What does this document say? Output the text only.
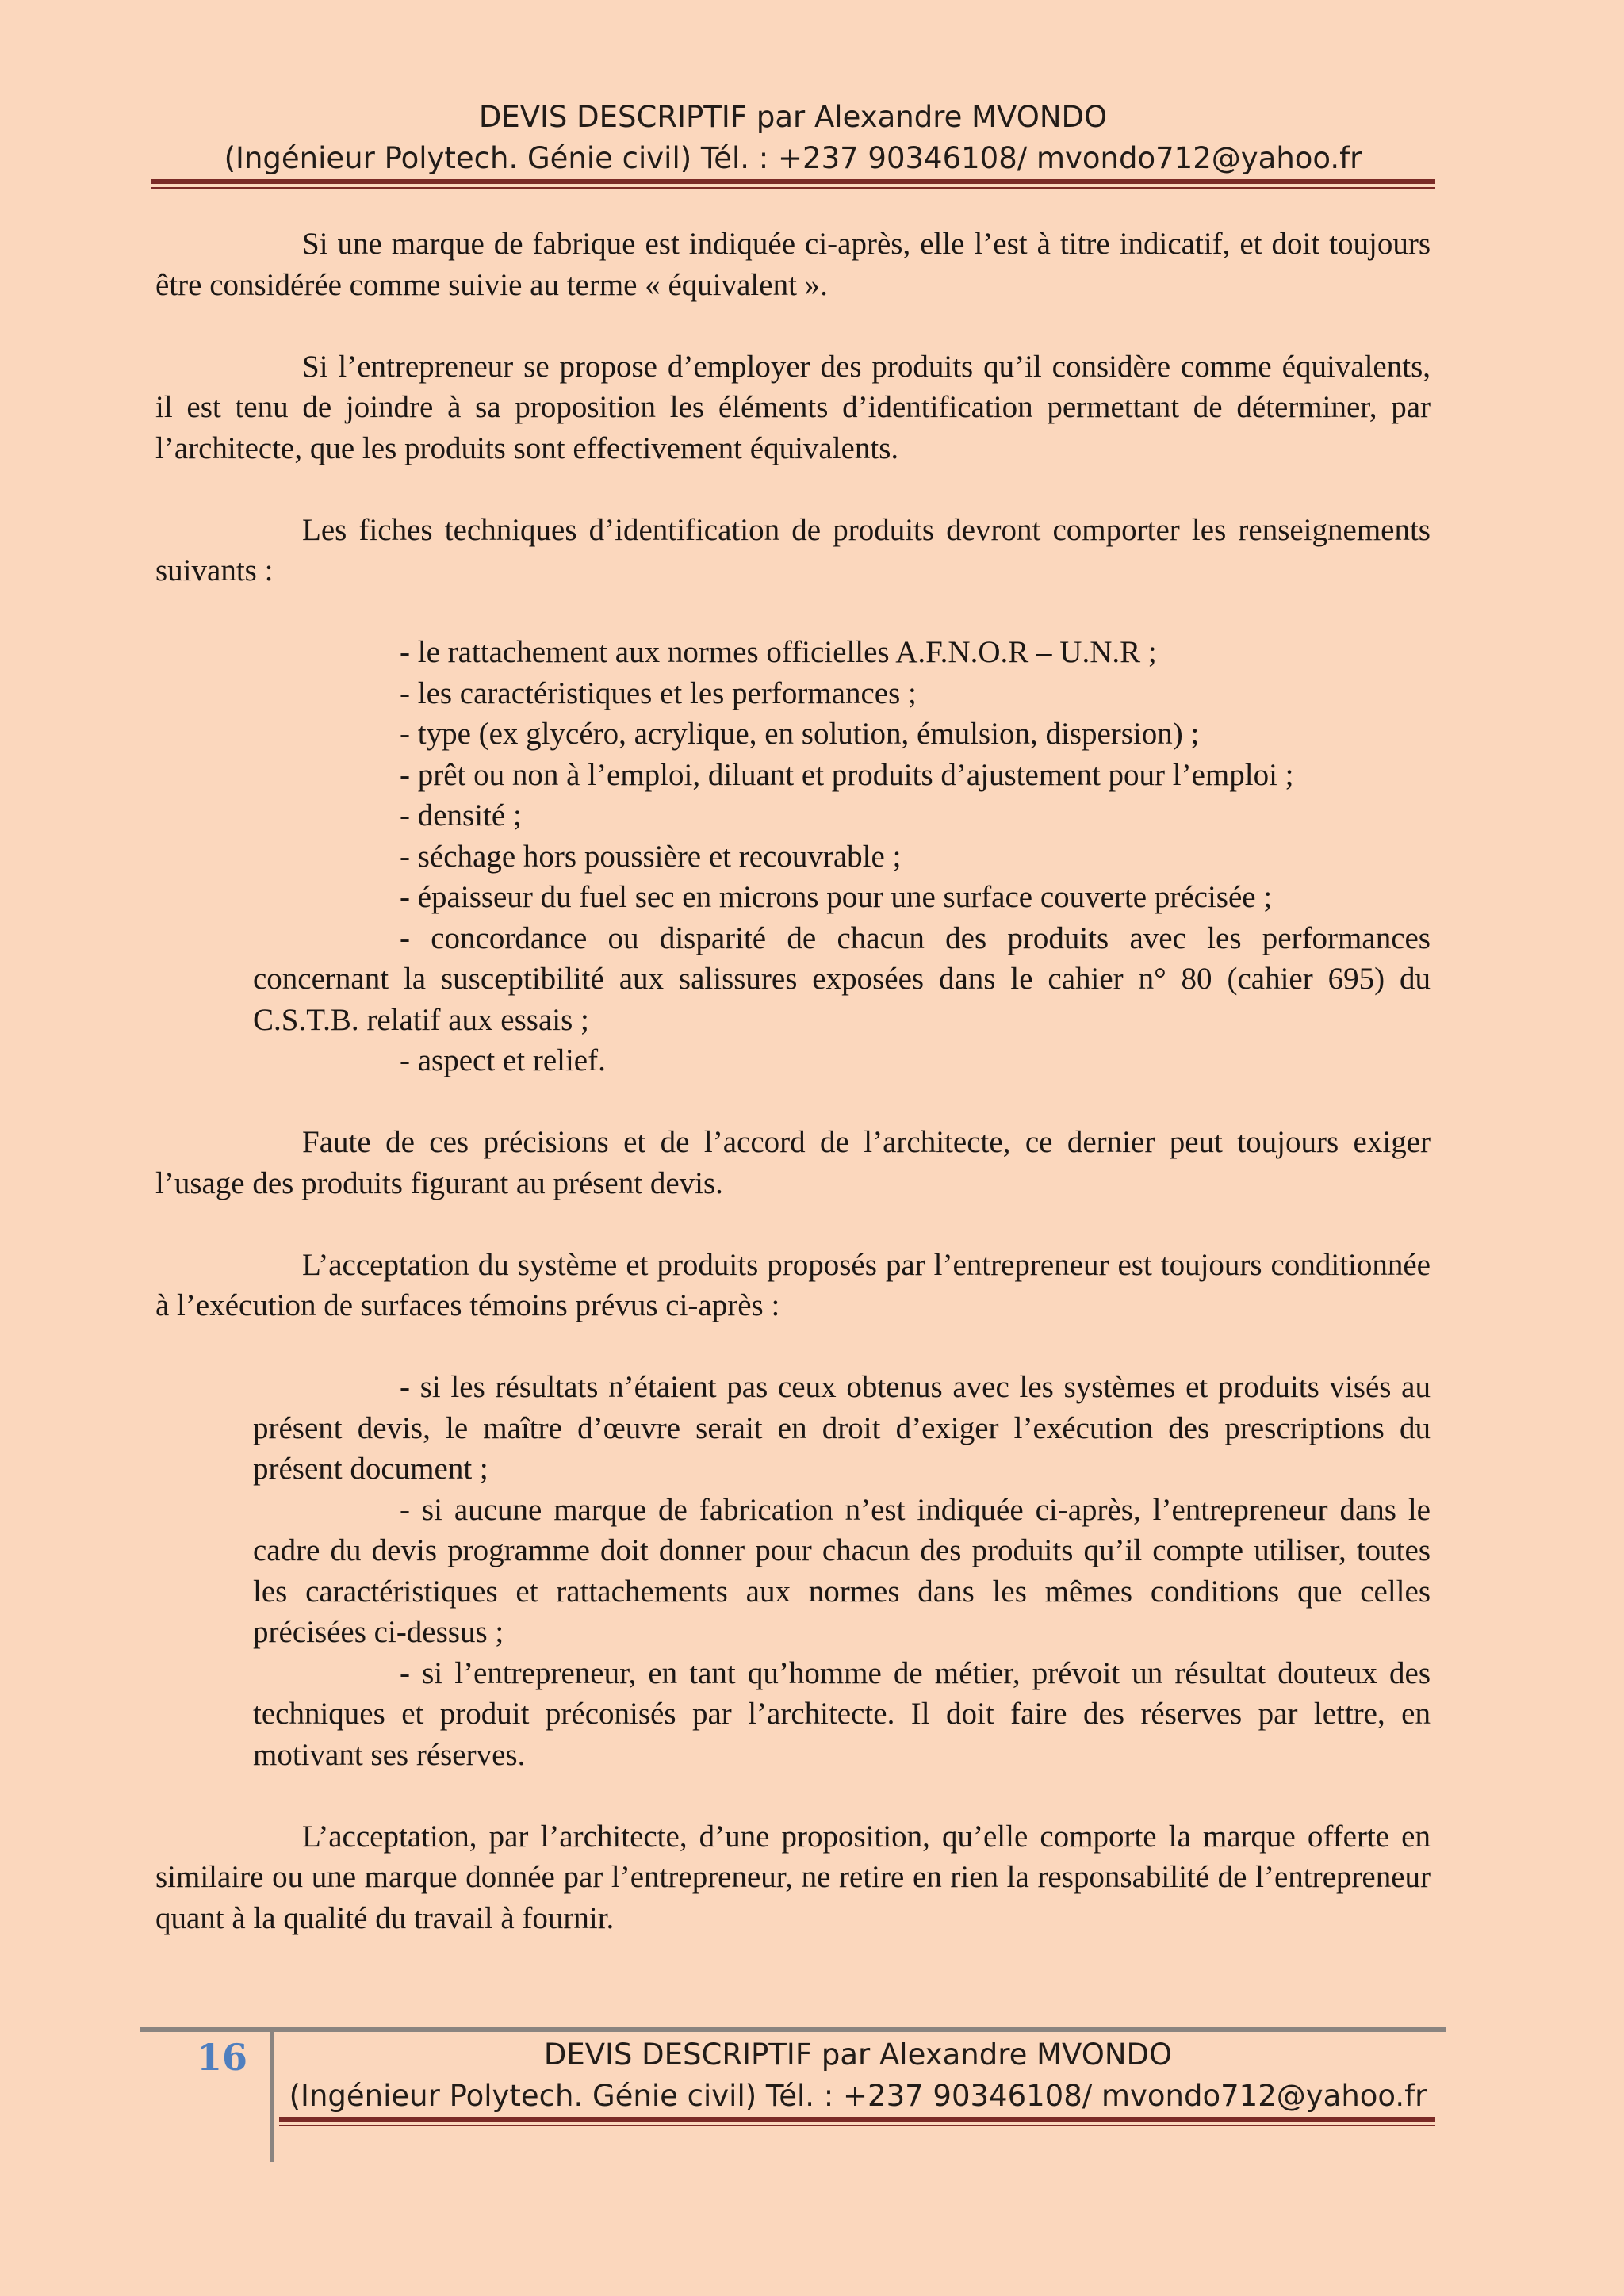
DEVIS DESCRIPTIF par Alexandre MVONDO
(Ingénieur Polytech. Génie civil) Tél. : +237 90346108/ mvondo712@yahoo.fr

Si une marque de fabrique est indiquée ci-après, elle l’est à titre indicatif, et doit toujours être considérée comme suivie au terme « équivalent ».

Si l’entrepreneur se propose d’employer des produits qu’il considère comme équivalents, il est tenu de joindre à sa proposition les éléments d’identification permettant de déterminer, par l’architecte, que les produits sont effectivement équivalents.

Les fiches techniques d’identification de produits devront comporter les renseignements suivants :

- le rattachement aux normes officielles A.F.N.O.R – U.N.R ;

- les caractéristiques et les performances ;

- type (ex glycéro, acrylique, en solution, émulsion, dispersion) ;

- prêt ou non à l’emploi, diluant et produits d’ajustement pour l’emploi ;

- densité ;

- séchage hors poussière et recouvrable ;

- épaisseur du fuel sec en microns pour une surface couverte précisée ;

- concordance ou disparité de chacun des produits avec les performances concernant la susceptibilité aux salissures exposées dans le cahier n° 80 (cahier 695) du C.S.T.B. relatif aux essais ;

- aspect et relief.

Faute de ces précisions et de l’accord de l’architecte, ce dernier peut toujours exiger l’usage des produits figurant au présent devis.

L’acceptation du système et produits proposés par l’entrepreneur est toujours conditionnée à l’exécution de surfaces témoins prévus ci-après :

- si les résultats n’étaient pas ceux obtenus avec les systèmes et produits visés au présent devis, le maître d’œuvre serait en droit d’exiger l’exécution des prescriptions du présent document ;

- si aucune marque de fabrication n’est indiquée ci-après, l’entrepreneur dans le cadre du devis programme doit donner pour chacun des produits qu’il compte utiliser, toutes les caractéristiques et rattachements aux normes dans les mêmes conditions que celles précisées ci-dessus ;

- si l’entrepreneur, en tant qu’homme de métier, prévoit un résultat douteux des techniques et produit préconisés par l’architecte. Il doit faire des réserves par lettre, en motivant ses réserves.

L’acceptation, par l’architecte, d’une proposition, qu’elle comporte la marque offerte en similaire ou une marque donnée par l’entrepreneur, ne retire en rien la responsabilité de l’entrepreneur quant à la qualité du travail à fournir.

16	DEVIS DESCRIPTIF par Alexandre MVONDO
(Ingénieur Polytech. Génie civil) Tél. : +237 90346108/ mvondo712@yahoo.fr
